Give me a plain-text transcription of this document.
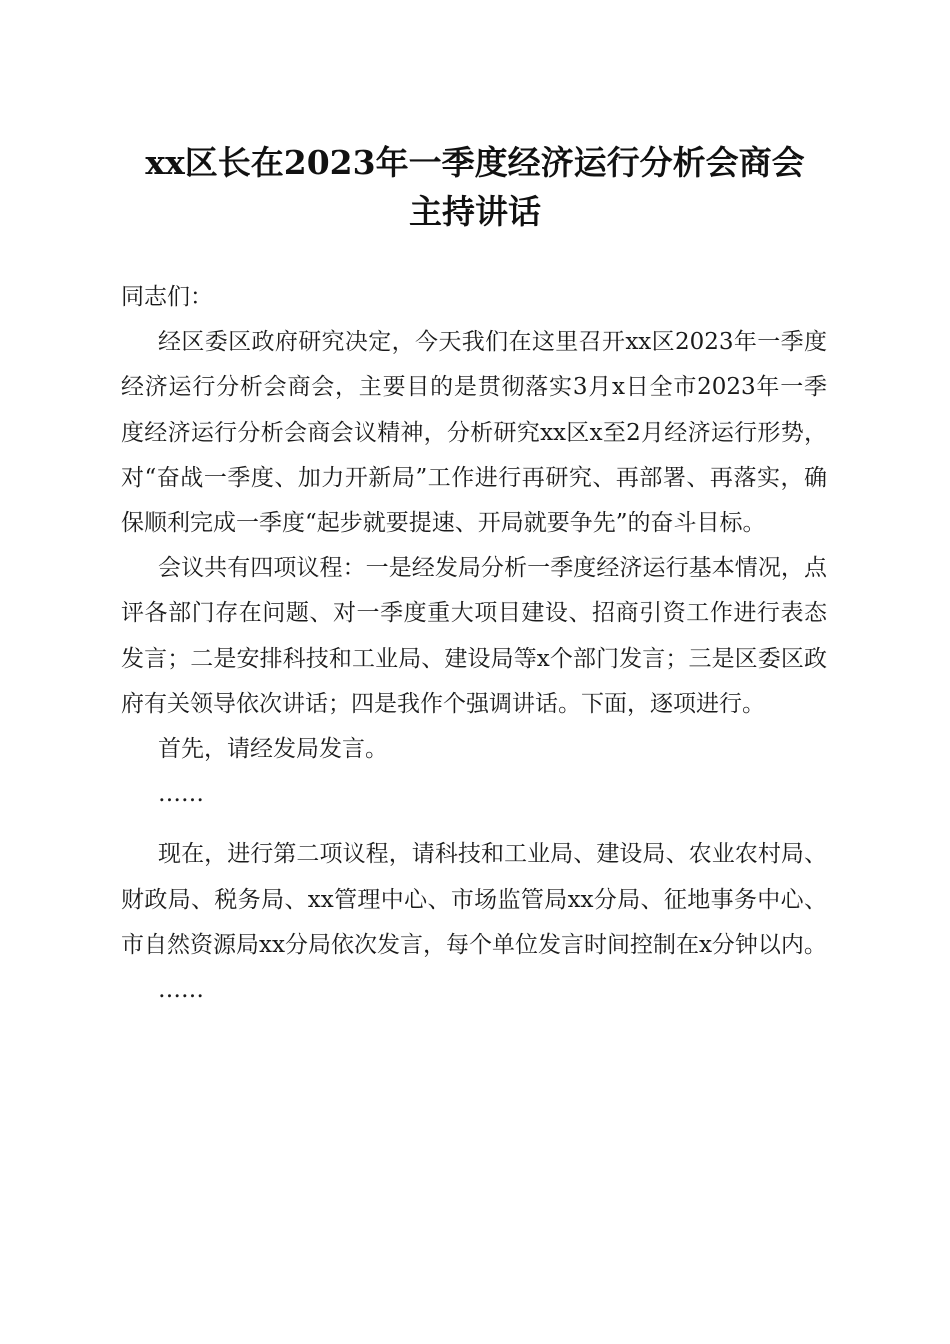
xx区长在2023年一季度经济运行分析会商会
主持讲话

同志们：

经区委区政府研究决定，今天我们在这里召开xx区2023年一季度经济运行分析会商会，主要目的是贯彻落实3月x日全市2023年一季度经济运行分析会商会议精神，分析研究xx区x至2月经济运行形势，对“奋战一季度、加力开新局”工作进行再研究、再部署、再落实，确保顺利完成一季度“起步就要提速、开局就要争先”的奋斗目标。

会议共有四项议程：一是经发局分析一季度经济运行基本情况，点评各部门存在问题、对一季度重大项目建设、招商引资工作进行表态发言；二是安排科技和工业局、建设局等x个部门发言；三是区委区政府有关领导依次讲话；四是我作个强调讲话。下面，逐项进行。

首先，请经发局发言。

……

现在，进行第二项议程，请科技和工业局、建设局、农业农村局、财政局、税务局、xx管理中心、市场监管局xx分局、征地事务中心、市自然资源局xx分局依次发言，每个单位发言时间控制在x分钟以内。

……
